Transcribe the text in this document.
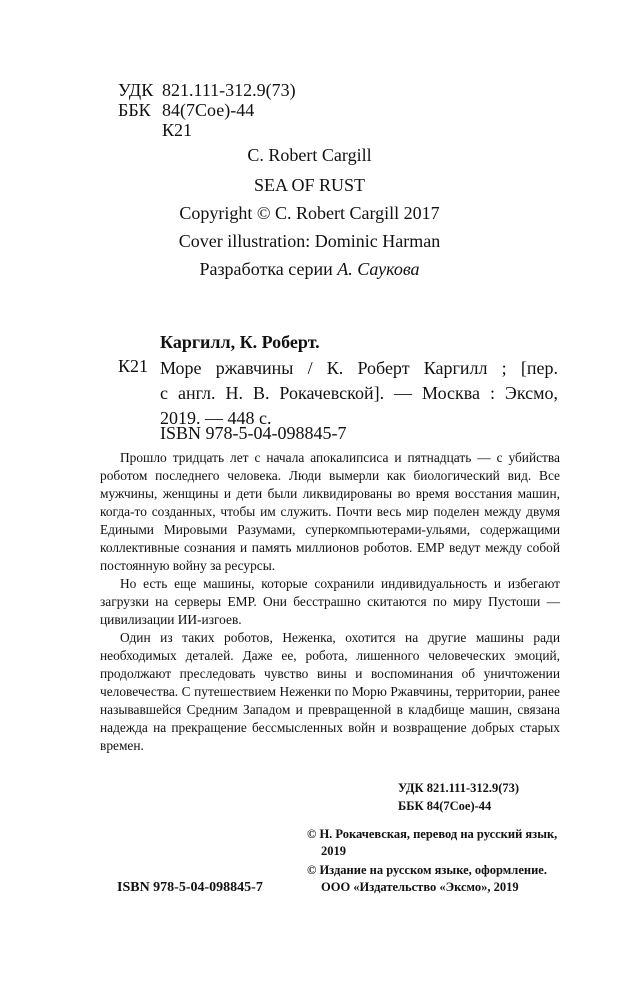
УДК 821.111-312.9(73)
ББК 84(7Сое)-44
К21
C. Robert Cargill
SEA OF RUST
Copyright © C. Robert Cargill 2017
Cover illustration: Dominic Harman
Разработка серии А. Саукова
Каргилл, К. Роберт.
К21 Море ржавчины / К. Роберт Каргилл ; [пер.
с англ. Н. В. Рокачевской]. — Москва : Эксмо,
2019. — 448 с.
ISBN 978-5-04-098845-7

Прошло тридцать лет с начала апокалипсиса и пятнадцать — с убийства роботом последнего человека. Люди вымерли как биологический вид. Все мужчины, женщины и дети были ликвидированы во время восстания машин, когда-то созданных, чтобы им служить. Почти весь мир поделен между двумя Едиными Мировыми Разумами, суперкомпьютерами-ульями, содержащими коллективные сознания и память миллионов роботов. ЕМР ведут между собой постоянную войну за ресурсы.

Но есть еще машины, которые сохранили индивидуальность и избегают загрузки на серверы ЕМР. Они бесстрашно скитаются по миру Пустоши — цивилизации ИИ-изгоев.

Один из таких роботов, Неженка, охотится на другие машины ради необходимых деталей. Даже ее, робота, лишенного человеческих эмоций, продолжают преследовать чувство вины и воспоминания об уничтожении человечества. С путешествием Неженки по Морю Ржавчины, территории, ранее называвшейся Средним Западом и превращенной в кладбище машин, связана надежда на прекращение бессмысленных войн и возвращение добрых старых времен.

УДК 821.111-312.9(73)
ББК 84(7Сое)-44

© Н. Рокачевская, перевод на русский язык, 2019

© Издание на русском языке, оформление. ООО «Издательство «Эксмо», 2019

ISBN 978-5-04-098845-7
